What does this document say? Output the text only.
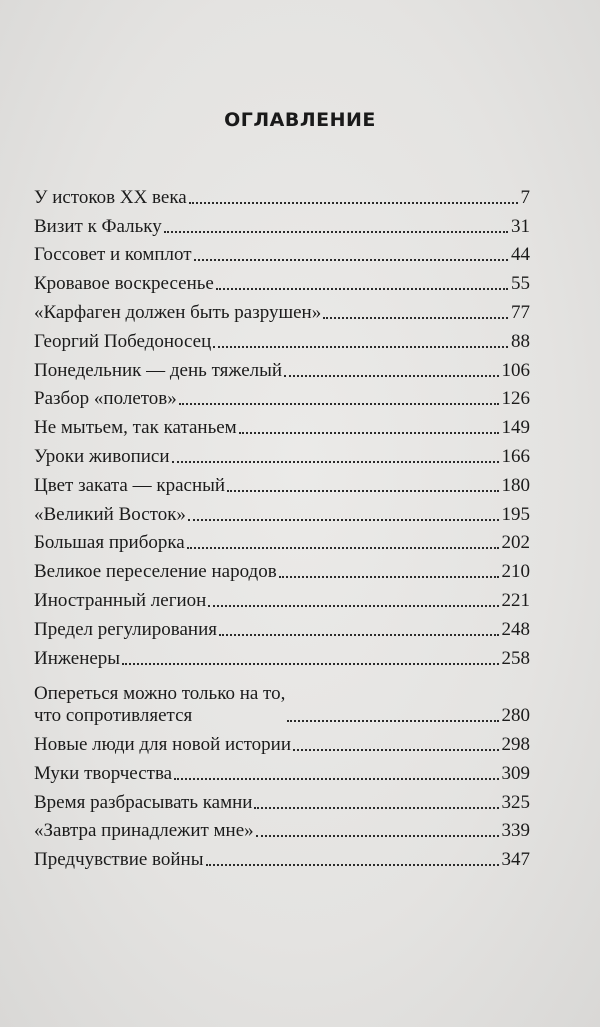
ОГЛАВЛЕНИЕ
У истоков XX века	7
Визит к Фальку	31
Госсовет и комплот	44
Кровавое воскресенье	55
«Карфаген должен быть разрушен»	77
Георгий Победоносец	88
Понедельник — день тяжелый	106
Разбор «полетов»	126
Не мытьем, так катаньем	149
Уроки живописи	166
Цвет заката — красный	180
«Великий Восток»	195
Большая приборка	202
Великое переселение народов	210
Иностранный легион	221
Предел регулирования	248
Инженеры	258
Опереться можно только на то,
что сопротивляется	280
Новые люди для новой истории	298
Муки творчества	309
Время разбрасывать камни	325
«Завтра принадлежит мне»	339
Предчувствие войны	347
